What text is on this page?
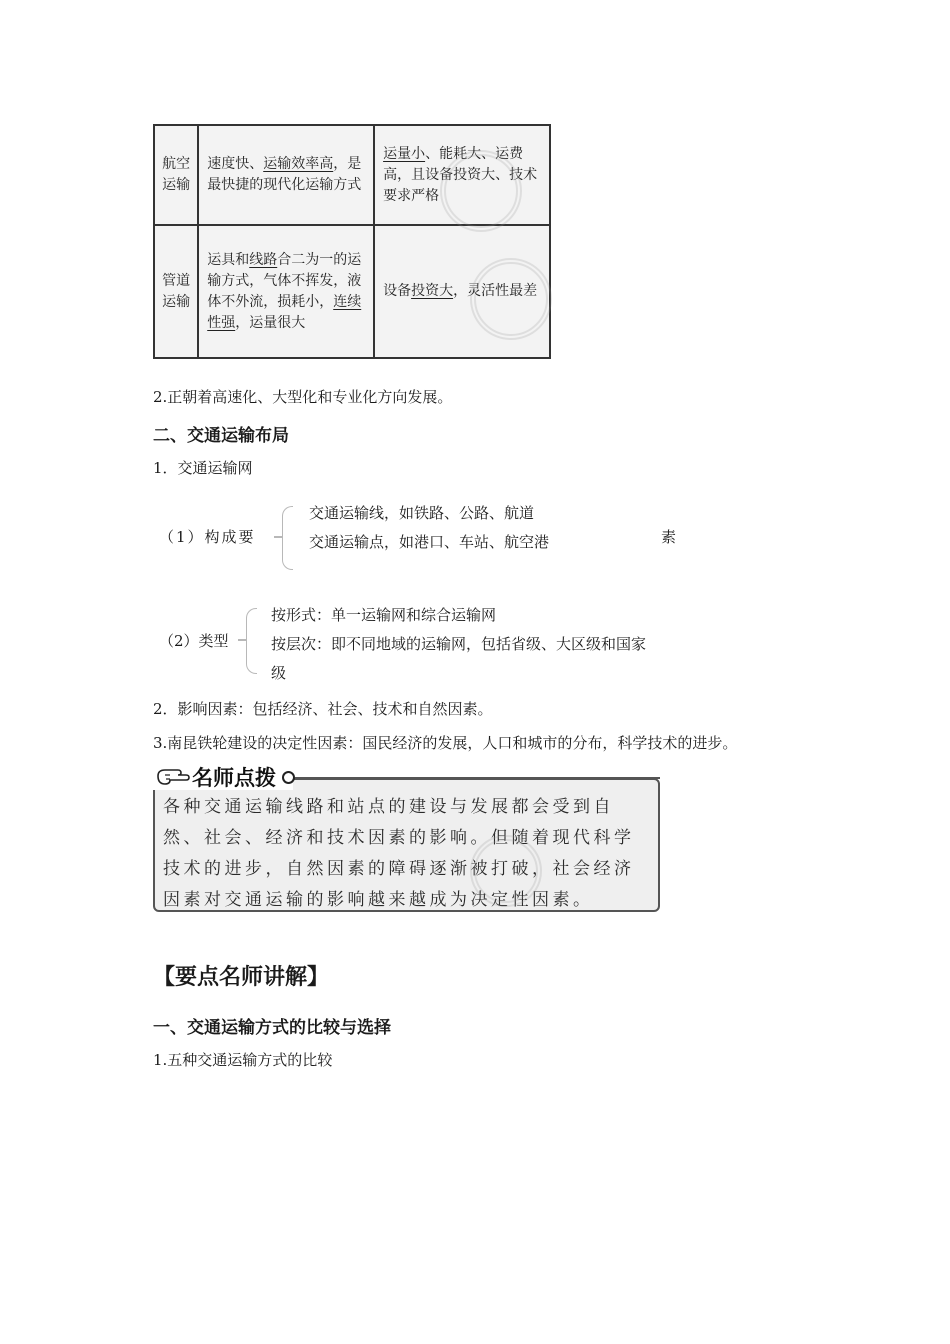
航空运输	速度快、运输效率高，是最快捷的现代化运输方式	运量小、能耗大、运费高，且设备投资大、技术要求严格
管道运输	运具和线路合二为一的运输方式，气体不挥发，液体不外流，损耗小，连续性强，运量很大	设备投资大，灵活性最差
2.正朝着高速化、大型化和专业化方向发展。
二、交通运输布局
1．交通运输网
（1）构成要
交通运输线，如铁路、公路、航道
交通运输点，如港口、车站、航空港	素
（2）类型
按形式：单一运输网和综合运输网
按层次：即不同地域的运输网，包括省级、大区级和国家
级
2．影响因素：包括经济、社会、技术和自然因素。
3.南昆铁轮建设的决定性因素：国民经济的发展，人口和城市的分布，科学技术的进步。
各种交通运输线路和站点的建设与发展都会受到自然、社会、经济和技术因素的影响。但随着现代科学技术的进步，自然因素的障碍逐渐被打破，社会经济因素对交通运输的影响越来越成为决定性因素。
名师点拨
【要点名师讲解】
一、交通运输方式的比较与选择
1.五种交通运输方式的比较
